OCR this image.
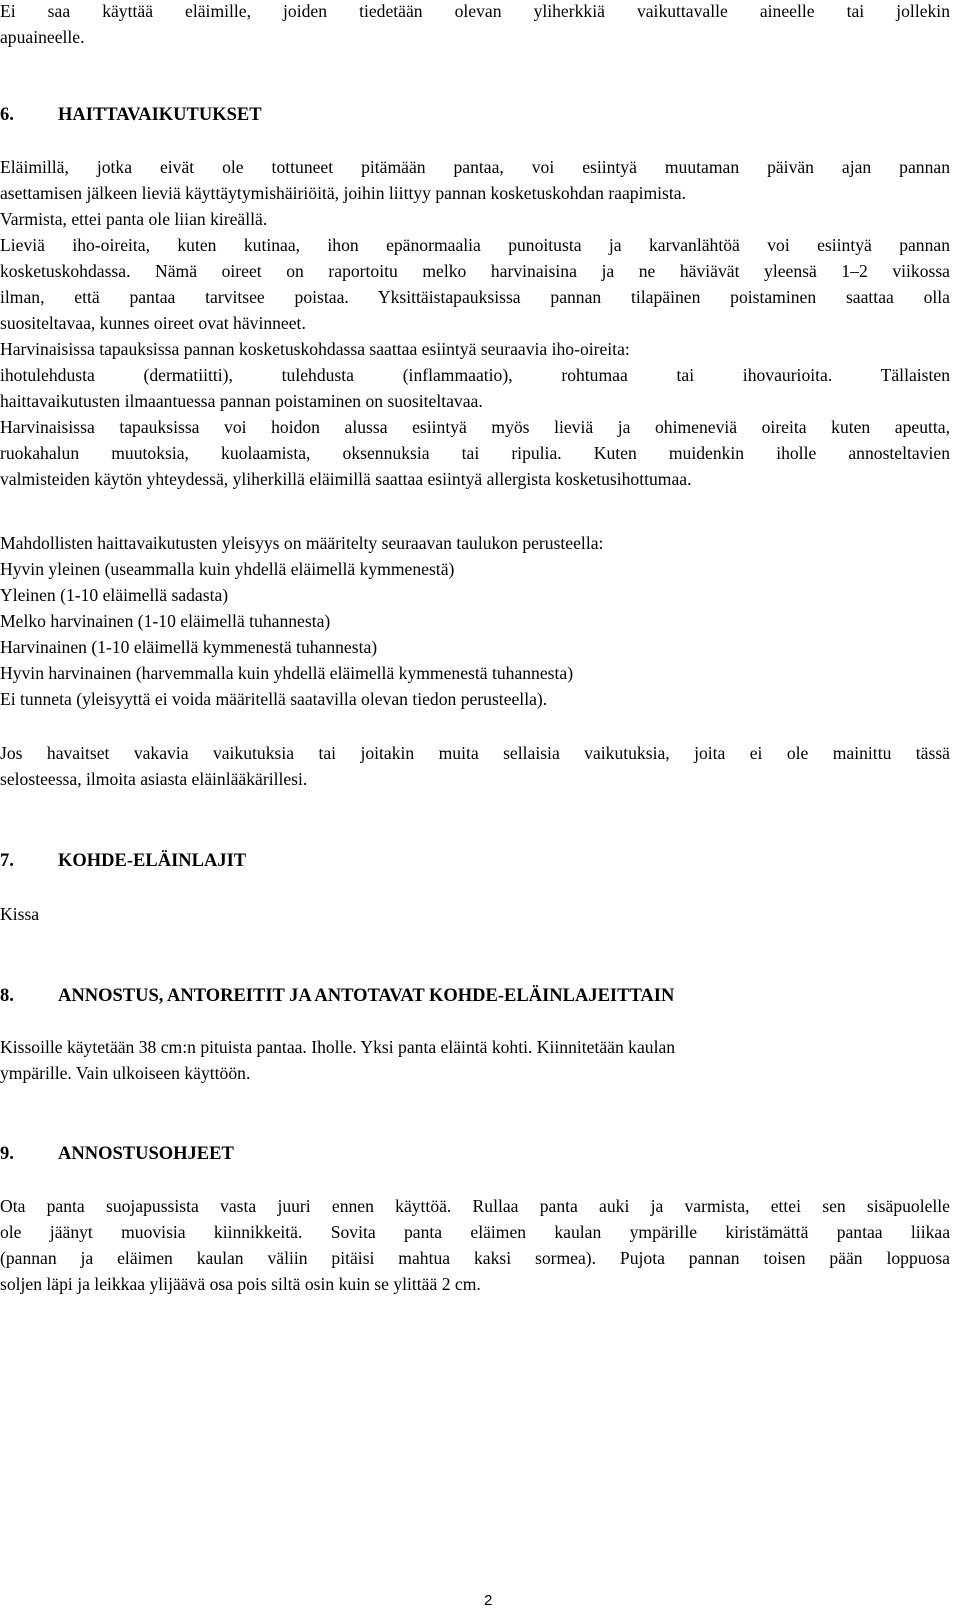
Ei saa käyttää eläimille, joiden tiedetään olevan yliherkkiä vaikuttavalle aineelle tai jollekin
apuaineelle.
6. HAITTAVAIKUTUKSET
Eläimillä, jotka eivät ole tottuneet pitämään pantaa, voi esiintyä muutaman päivän ajan pannan
asettamisen jälkeen lieviä käyttäytymishäiriöitä, joihin liittyy pannan kosketuskohdan raapimista.
Varmista, ettei panta ole liian kireällä.
Lieviä iho-oireita, kuten kutinaa, ihon epänormaalia punoitusta ja karvanlähtöä voi esiintyä pannan
kosketuskohdassa. Nämä oireet on raportoitu melko harvinaisina ja ne häviävät yleensä 1–2 viikossa
ilman, että pantaa tarvitsee poistaa. Yksittäistapauksissa pannan tilapäinen poistaminen saattaa olla
suositeltavaa, kunnes oireet ovat hävinneet.
Harvinaisissa tapauksissa pannan kosketuskohdassa saattaa esiintyä seuraavia iho-oireita:
ihotulehdusta (dermatiitti), tulehdusta (inflammaatio), rohtumaa tai ihovaurioita. Tällaisten
haittavaikutusten ilmaantuessa pannan poistaminen on suositeltavaa.
Harvinaisissa tapauksissa voi hoidon alussa esiintyä myös lieviä ja ohimeneviä oireita kuten apeutta,
ruokahalun muutoksia, kuolaamista, oksennuksia tai ripulia. Kuten muidenkin iholle annosteltavien
valmisteiden käytön yhteydessä, yliherkillä eläimillä saattaa esiintyä allergista kosketusihottumaa.
Mahdollisten haittavaikutusten yleisyys on määritelty seuraavan taulukon perusteella:
Hyvin yleinen (useammalla kuin yhdellä eläimellä kymmenestä)
Yleinen (1-10 eläimellä sadasta)
Melko harvinainen (1-10 eläimellä tuhannesta)
Harvinainen (1-10 eläimellä kymmenestä tuhannesta)
Hyvin harvinainen (harvemmalla kuin yhdellä eläimellä kymmenestä tuhannesta)
Ei tunneta (yleisyyttä ei voida määritellä saatavilla olevan tiedon perusteella).
Jos havaitset vakavia vaikutuksia tai joitakin muita sellaisia vaikutuksia, joita ei ole mainittu tässä
selosteessa, ilmoita asiasta eläinlääkärillesi.
7. KOHDE-ELÄINLAJIT
Kissa
8. ANNOSTUS, ANTOREITIT JA ANTOTAVAT KOHDE-ELÄINLAJEITTAIN
Kissoille käytetään 38 cm:n pituista pantaa. Iholle. Yksi panta eläintä kohti. Kiinnitetään kaulan
ympärille. Vain ulkoiseen käyttöön.
9. ANNOSTUSOHJEET
Ota panta suojapussista vasta juuri ennen käyttöä. Rullaa panta auki ja varmista, ettei sen sisäpuolelle
ole jäänyt muovisia kiinnikkeitä. Sovita panta eläimen kaulan ympärille kiristämättä pantaa liikaa
(pannan ja eläimen kaulan väliin pitäisi mahtua kaksi sormea). Pujota pannan toisen pään loppuosa
soljen läpi ja leikkaa ylijäävä osa pois siltä osin kuin se ylittää 2 cm.
2
